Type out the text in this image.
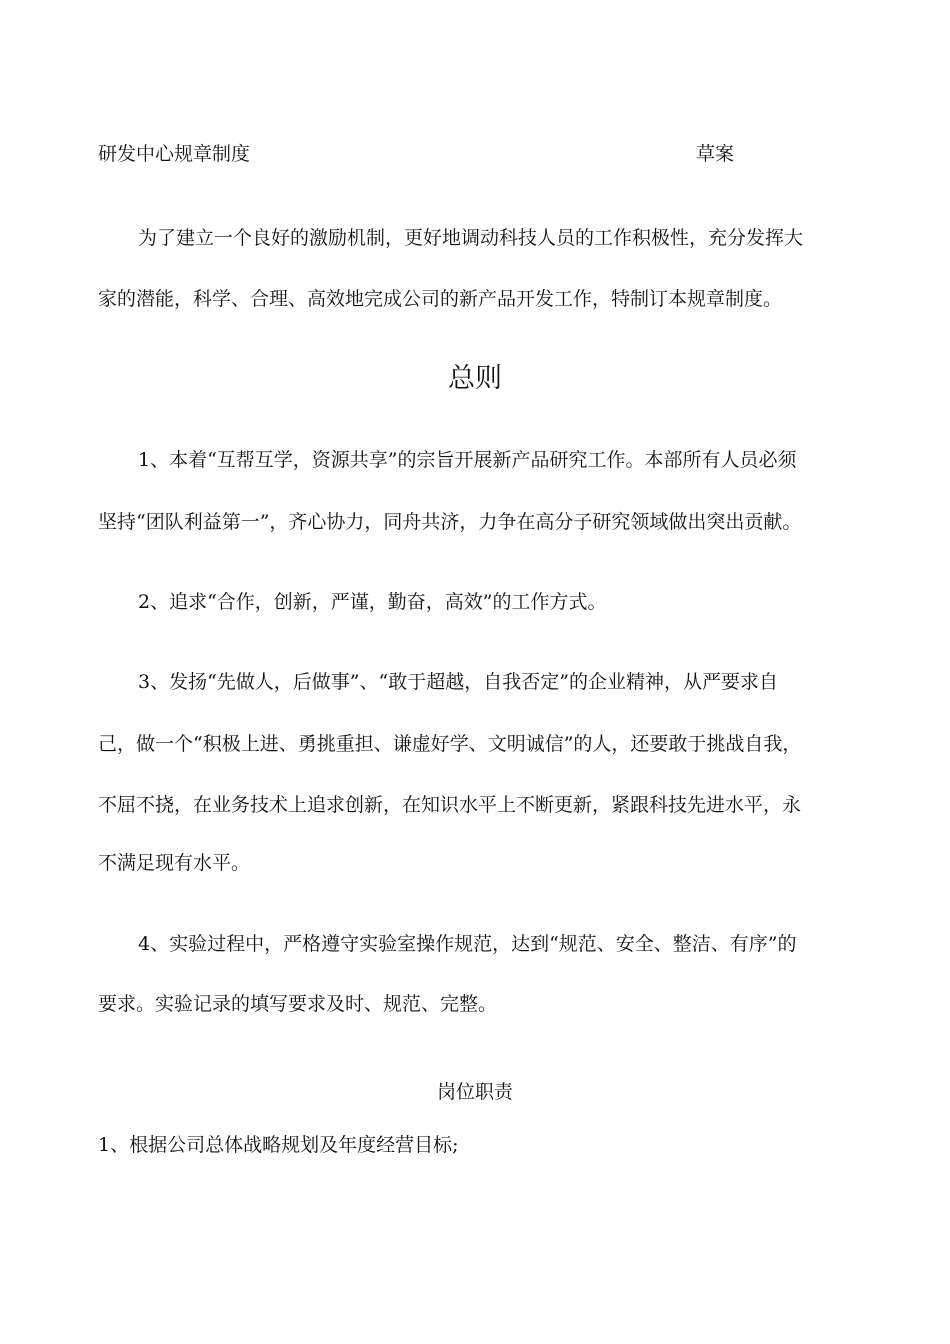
研发中心规章制度	草案
为了建立一个良好的激励机制，更好地调动科技人员的工作积极性，充分发挥大
家的潜能，科学、合理、高效地完成公司的新产品开发工作，特制订本规章制度。
总则
1、本着“互帮互学，资源共享”的宗旨开展新产品研究工作。本部所有人员必须
坚持“团队利益第一”，齐心协力，同舟共济，力争在高分子研究领域做出突出贡献。
2、追求“合作，创新，严谨，勤奋，高效”的工作方式。
3、发扬“先做人，后做事”、“敢于超越，自我否定”的企业精神，从严要求自
己，做一个“积极上进、勇挑重担、谦虚好学、文明诚信”的人，还要敢于挑战自我，
不屈不挠，在业务技术上追求创新，在知识水平上不断更新，紧跟科技先进水平，永
不满足现有水平。
4、实验过程中，严格遵守实验室操作规范，达到“规范、安全、整洁、有序”的
要求。实验记录的填写要求及时、规范、完整。
岗位职责
1、根据公司总体战略规划及年度经营目标;
